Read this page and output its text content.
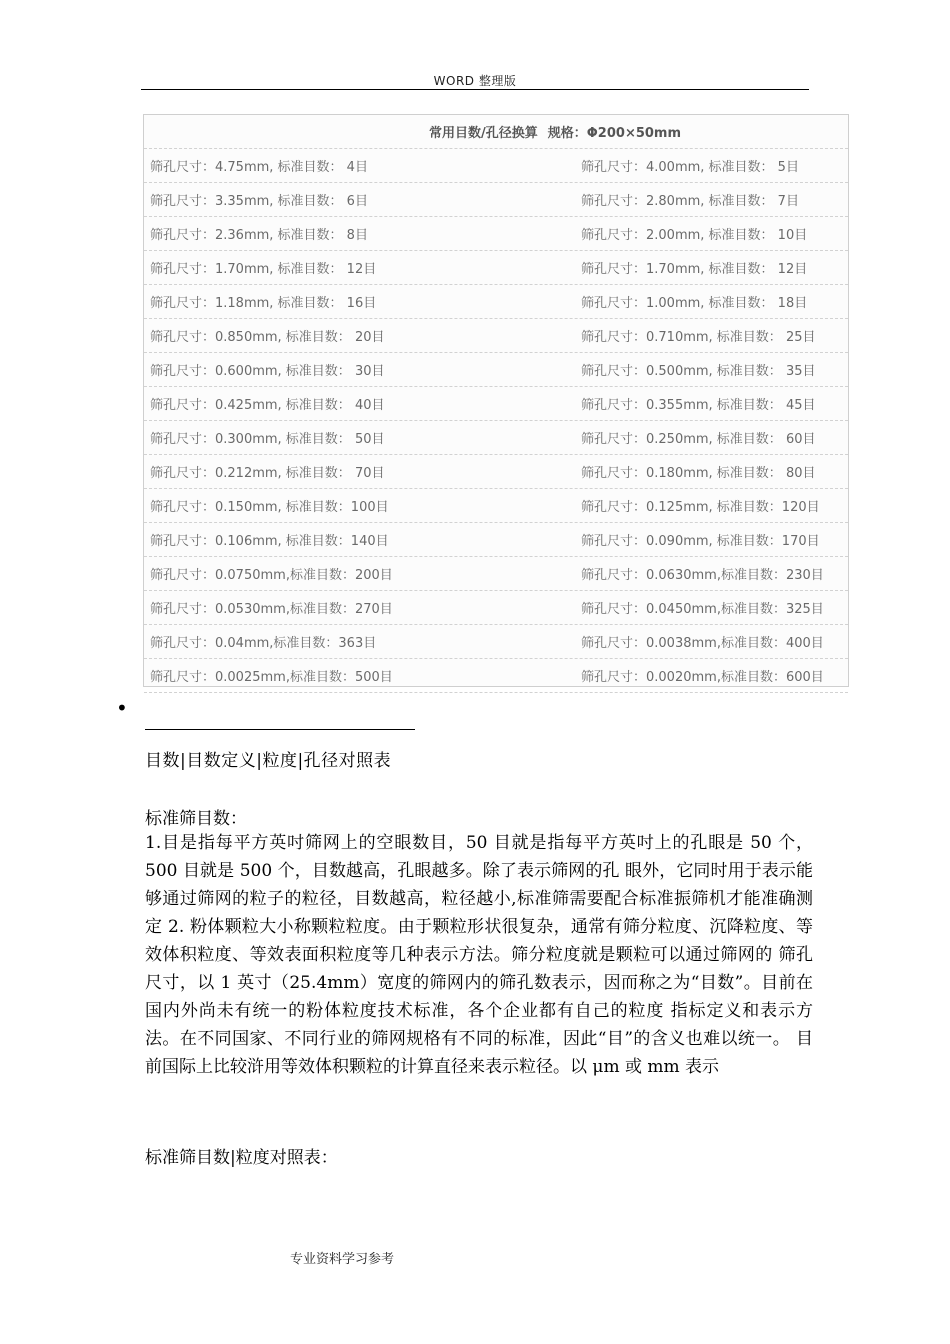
WORD 整理版
常用目数/孔径换算 规格：Φ200×50mm
筛孔尺寸：4.75mm, 标准目数： 4目	筛孔尺寸：4.00mm, 标准目数： 5目
筛孔尺寸：3.35mm, 标准目数： 6目	筛孔尺寸：2.80mm, 标准目数： 7目
筛孔尺寸：2.36mm, 标准目数： 8目	筛孔尺寸：2.00mm, 标准目数： 10目
筛孔尺寸：1.70mm, 标准目数： 12目	筛孔尺寸：1.70mm, 标准目数： 12目
筛孔尺寸：1.18mm, 标准目数： 16目	筛孔尺寸：1.00mm, 标准目数： 18目
筛孔尺寸：0.850mm, 标准目数： 20目	筛孔尺寸：0.710mm, 标准目数： 25目
筛孔尺寸：0.600mm, 标准目数： 30目	筛孔尺寸：0.500mm, 标准目数： 35目
筛孔尺寸：0.425mm, 标准目数： 40目	筛孔尺寸：0.355mm, 标准目数： 45目
筛孔尺寸：0.300mm, 标准目数： 50目	筛孔尺寸：0.250mm, 标准目数： 60目
筛孔尺寸：0.212mm, 标准目数： 70目	筛孔尺寸：0.180mm, 标准目数： 80目
筛孔尺寸：0.150mm, 标准目数：100目	筛孔尺寸：0.125mm, 标准目数：120目
筛孔尺寸：0.106mm, 标准目数：140目	筛孔尺寸：0.090mm, 标准目数：170目
筛孔尺寸：0.0750mm,标准目数：200目	筛孔尺寸：0.0630mm,标准目数：230目
筛孔尺寸：0.0530mm,标准目数：270目	筛孔尺寸：0.0450mm,标准目数：325目
筛孔尺寸：0.04mm,标准目数：363目	筛孔尺寸：0.0038mm,标准目数：400目
筛孔尺寸：0.0025mm,标准目数：500目	筛孔尺寸：0.0020mm,标准目数：600目
•
目数|目数定义|粒度|孔径对照表
标准筛目数：
1.目是指每平方英吋筛网上的空眼数目，50 目就是指每平方英吋上的孔眼是 50 个，500 目就是 500 个，目数越高，孔眼越多。除了表示筛网的孔 眼外，它同时用于表示能够通过筛网的粒子的粒径，目数越高，粒径越小,标准筛需要配合标准振筛机才能准确测定 2. 粉体颗粒大小称颗粒粒度。由于颗粒形状很复杂，通常有筛分粒度、沉降粒度、等效体积粒度、等效表面积粒度等几种表示方法。筛分粒度就是颗粒可以通过筛网的 筛孔尺寸，以 1 英寸（25.4mm）宽度的筛网内的筛孔数表示，因而称之为“目数”。目前在国内外尚未有统一的粉体粒度技术标准，各个企业都有自己的粒度 指标定义和表示方法。在不同国家、不同行业的筛网规格有不同的标准，因此“目”的含义也难以统一。 目前国际上比较浒用等效体积颗粒的计算直径来表示粒径。以 μm 或 mm 表示
标准筛目数|粒度对照表：
专业资料学习参考
